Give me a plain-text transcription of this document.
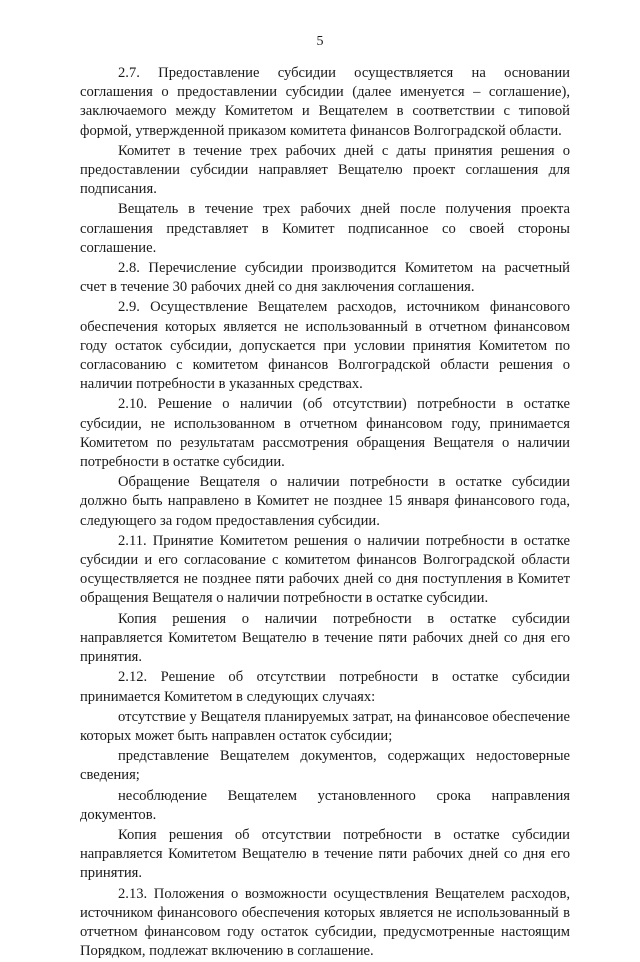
5

2.7. Предоставление субсидии осуществляется на основании соглашения о предоставлении субсидии (далее именуется – соглашение), заключаемого между Комитетом и Вещателем в соответствии с типовой формой, утвержденной приказом комитета финансов Волгоградской области.

Комитет в течение трех рабочих дней с даты принятия решения о предоставлении субсидии направляет Вещателю проект соглашения для подписания.

Вещатель в течение трех рабочих дней после получения проекта соглашения представляет в Комитет подписанное со своей стороны соглашение.

2.8. Перечисление субсидии производится Комитетом на расчетный счет в течение 30 рабочих дней со дня заключения соглашения.

2.9. Осуществление Вещателем расходов, источником финансового обеспечения которых является не использованный в отчетном финансовом году остаток субсидии, допускается при условии принятия Комитетом по согласованию с комитетом финансов Волгоградской области решения о наличии потребности в указанных средствах.

2.10. Решение о наличии (об отсутствии) потребности в остатке субсидии, не использованном в отчетном финансовом году, принимается Комитетом по результатам рассмотрения обращения Вещателя о наличии потребности в остатке субсидии.

Обращение Вещателя о наличии потребности в остатке субсидии должно быть направлено в Комитет не позднее 15 января финансового года, следующего за годом предоставления субсидии.

2.11. Принятие Комитетом решения о наличии потребности в остатке субсидии и его согласование с комитетом финансов Волгоградской области осуществляется не позднее пяти рабочих дней со дня поступления в Комитет обращения Вещателя о наличии потребности в остатке субсидии.

Копия решения о наличии потребности в остатке субсидии направляется Комитетом Вещателю в течение пяти рабочих дней со дня его принятия.

2.12. Решение об отсутствии потребности в остатке субсидии принимается Комитетом в следующих случаях:

отсутствие у Вещателя планируемых затрат, на финансовое обеспечение которых может быть направлен остаток субсидии;

представление Вещателем документов, содержащих недостоверные сведения;

несоблюдение Вещателем установленного срока направления документов.

Копия решения об отсутствии потребности в остатке субсидии направляется Комитетом Вещателю в течение пяти рабочих дней со дня его принятия.

2.13. Положения о возможности осуществления Вещателем расходов, источником финансового обеспечения которых является не использованный в отчетном финансовом году остаток субсидии, предусмотренные настоящим Порядком, подлежат включению в соглашение.
